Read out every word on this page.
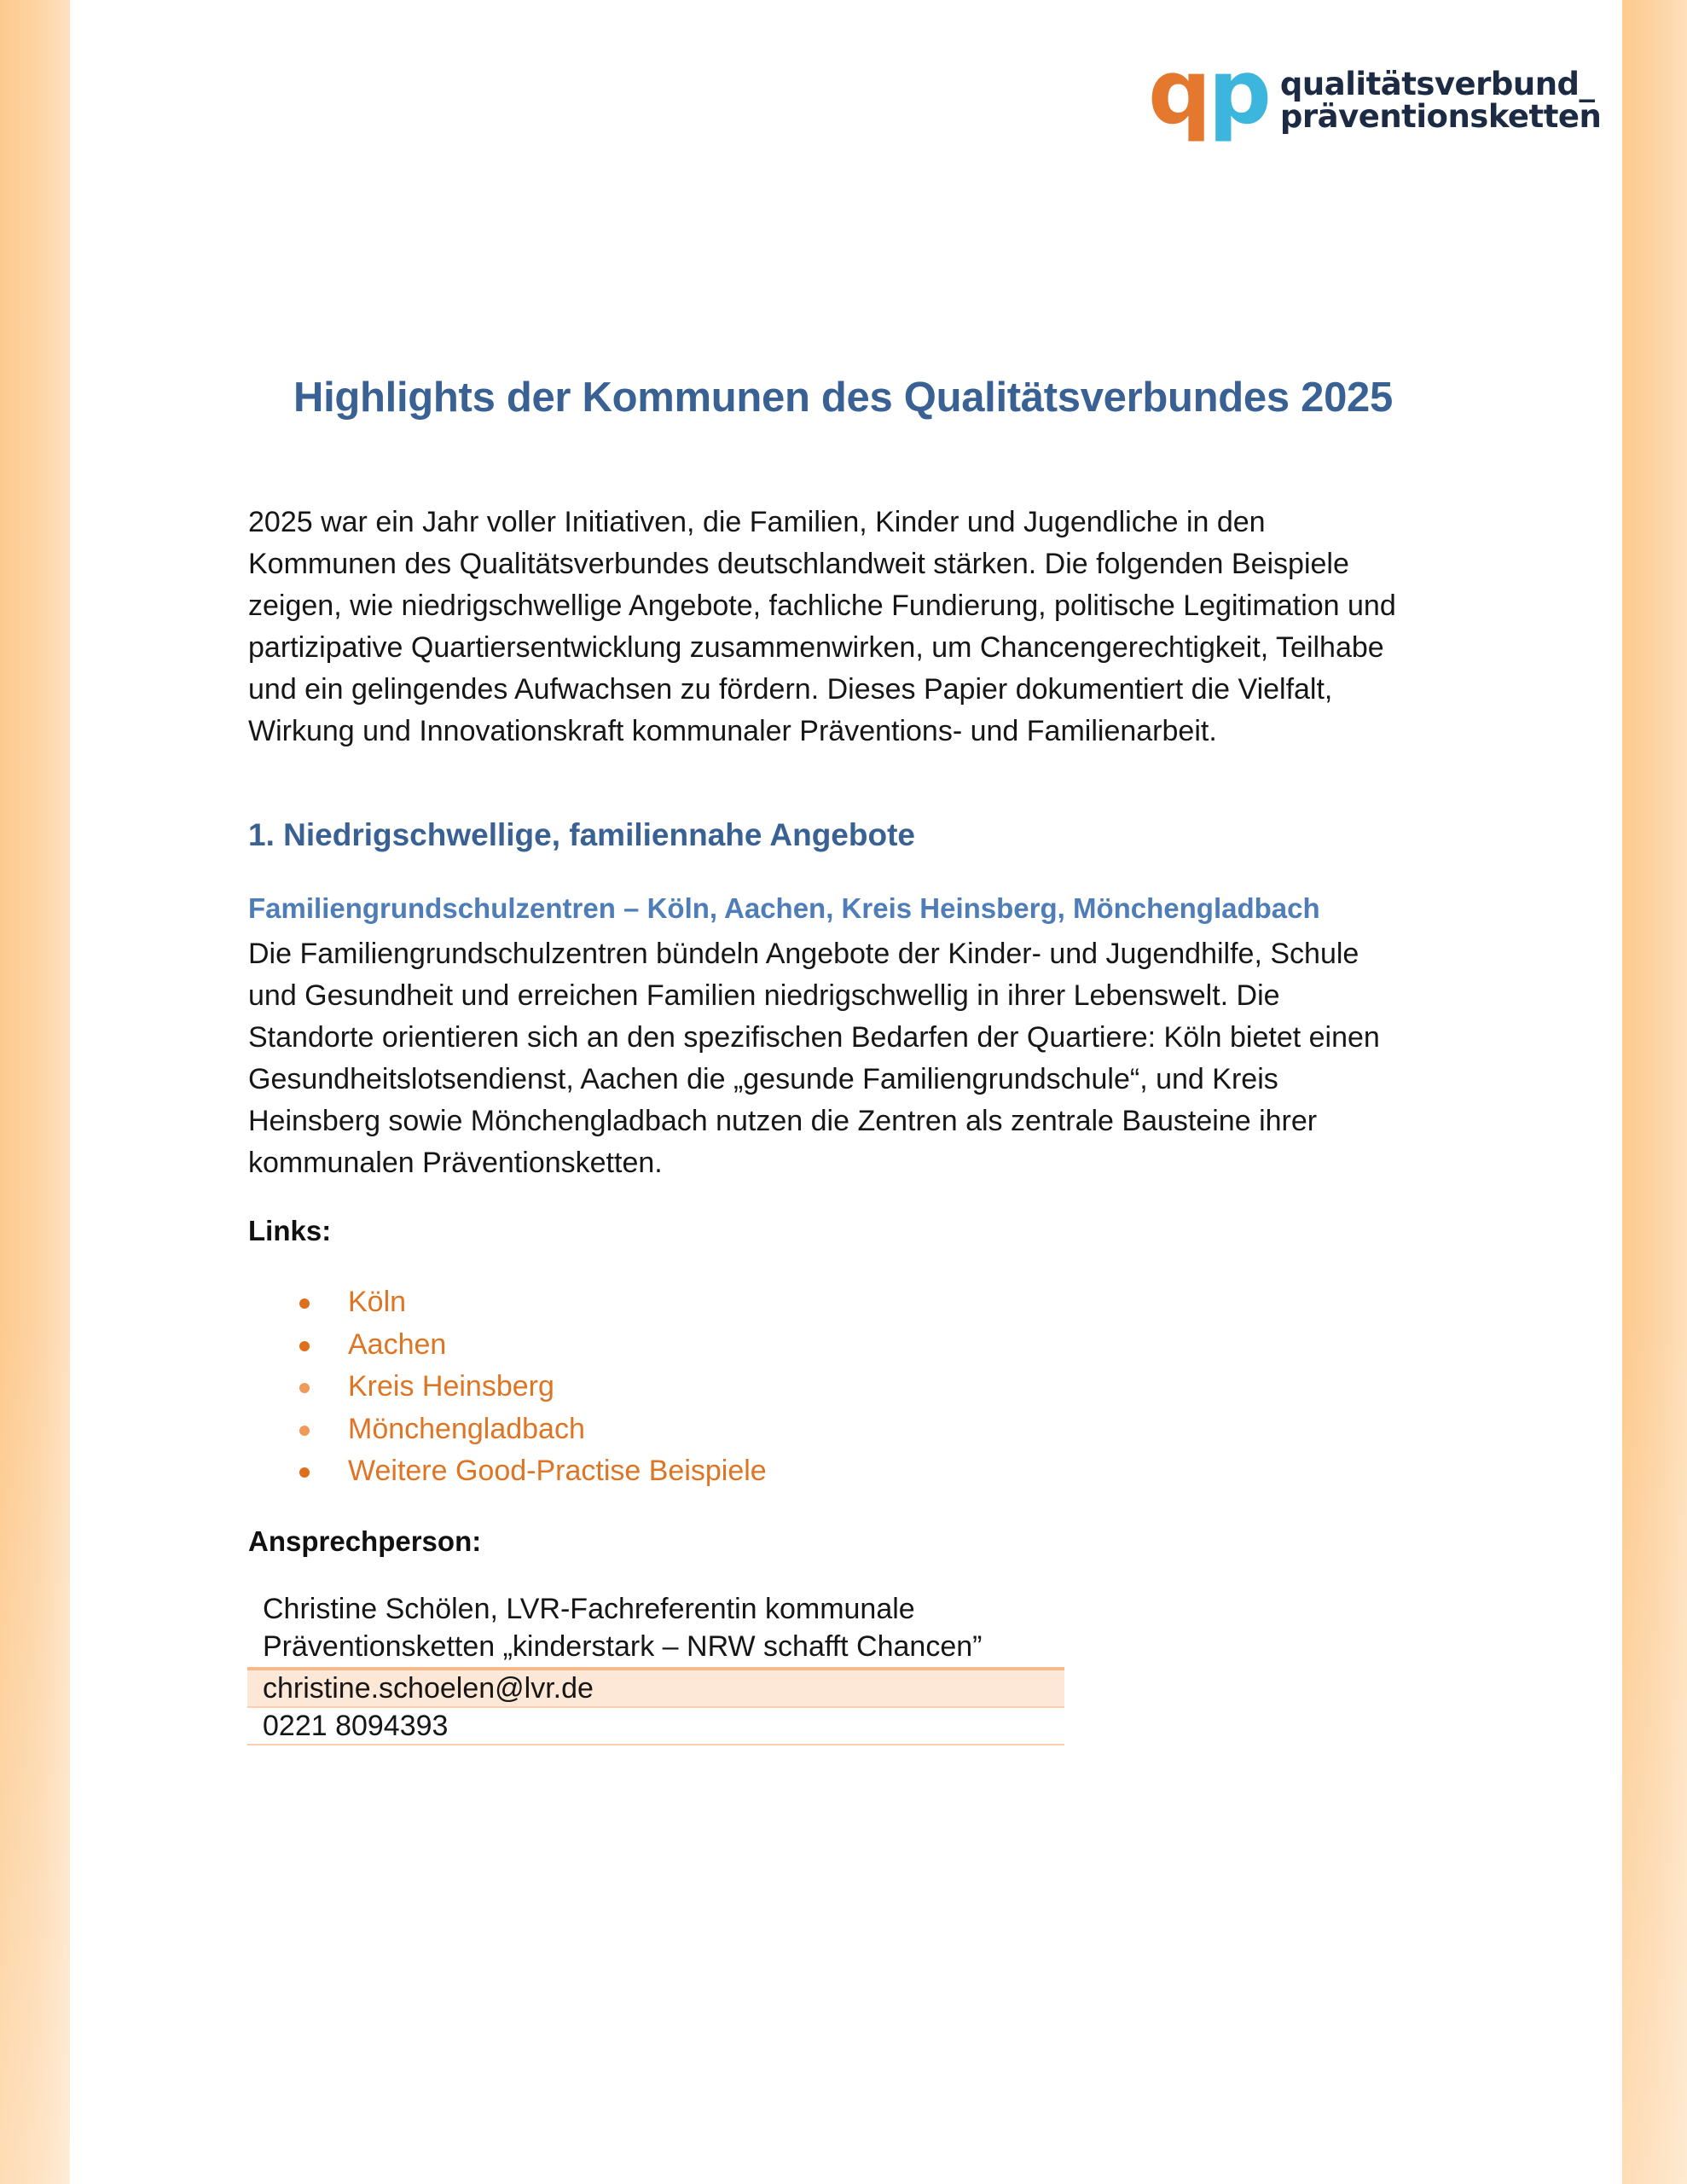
q p qualitätsverbund_
präventionsketten
Highlights der Kommunen des Qualitätsverbundes 2025
2025 war ein Jahr voller Initiativen, die Familien, Kinder und Jugendliche in den
Kommunen des Qualitätsverbundes deutschlandweit stärken. Die folgenden Beispiele
zeigen, wie niedrigschwellige Angebote, fachliche Fundierung, politische Legitimation und
partizipative Quartiersentwicklung zusammenwirken, um Chancengerechtigkeit, Teilhabe
und ein gelingendes Aufwachsen zu fördern. Dieses Papier dokumentiert die Vielfalt,
Wirkung und Innovationskraft kommunaler Präventions- und Familienarbeit.
1. Niedrigschwellige, familiennahe Angebote
Familiengrundschulzentren – Köln, Aachen, Kreis Heinsberg, Mönchengladbach
Die Familiengrundschulzentren bündeln Angebote der Kinder- und Jugendhilfe, Schule
und Gesundheit und erreichen Familien niedrigschwellig in ihrer Lebenswelt. Die
Standorte orientieren sich an den spezifischen Bedarfen der Quartiere: Köln bietet einen
Gesundheitslotsendienst, Aachen die „gesunde Familiengrundschule“, und Kreis
Heinsberg sowie Mönchengladbach nutzen die Zentren als zentrale Bausteine ihrer
kommunalen Präventionsketten.

Links:

Köln
Aachen
Kreis Heinsberg
Mönchengladbach
Weitere Good-Practise Beispiele

Ansprechperson:

Christine Schölen, LVR-Fachreferentin kommunale
Präventionsketten „kinderstark – NRW schafft Chancen”

christine.schoelen@lvr.de
0221 8094393
